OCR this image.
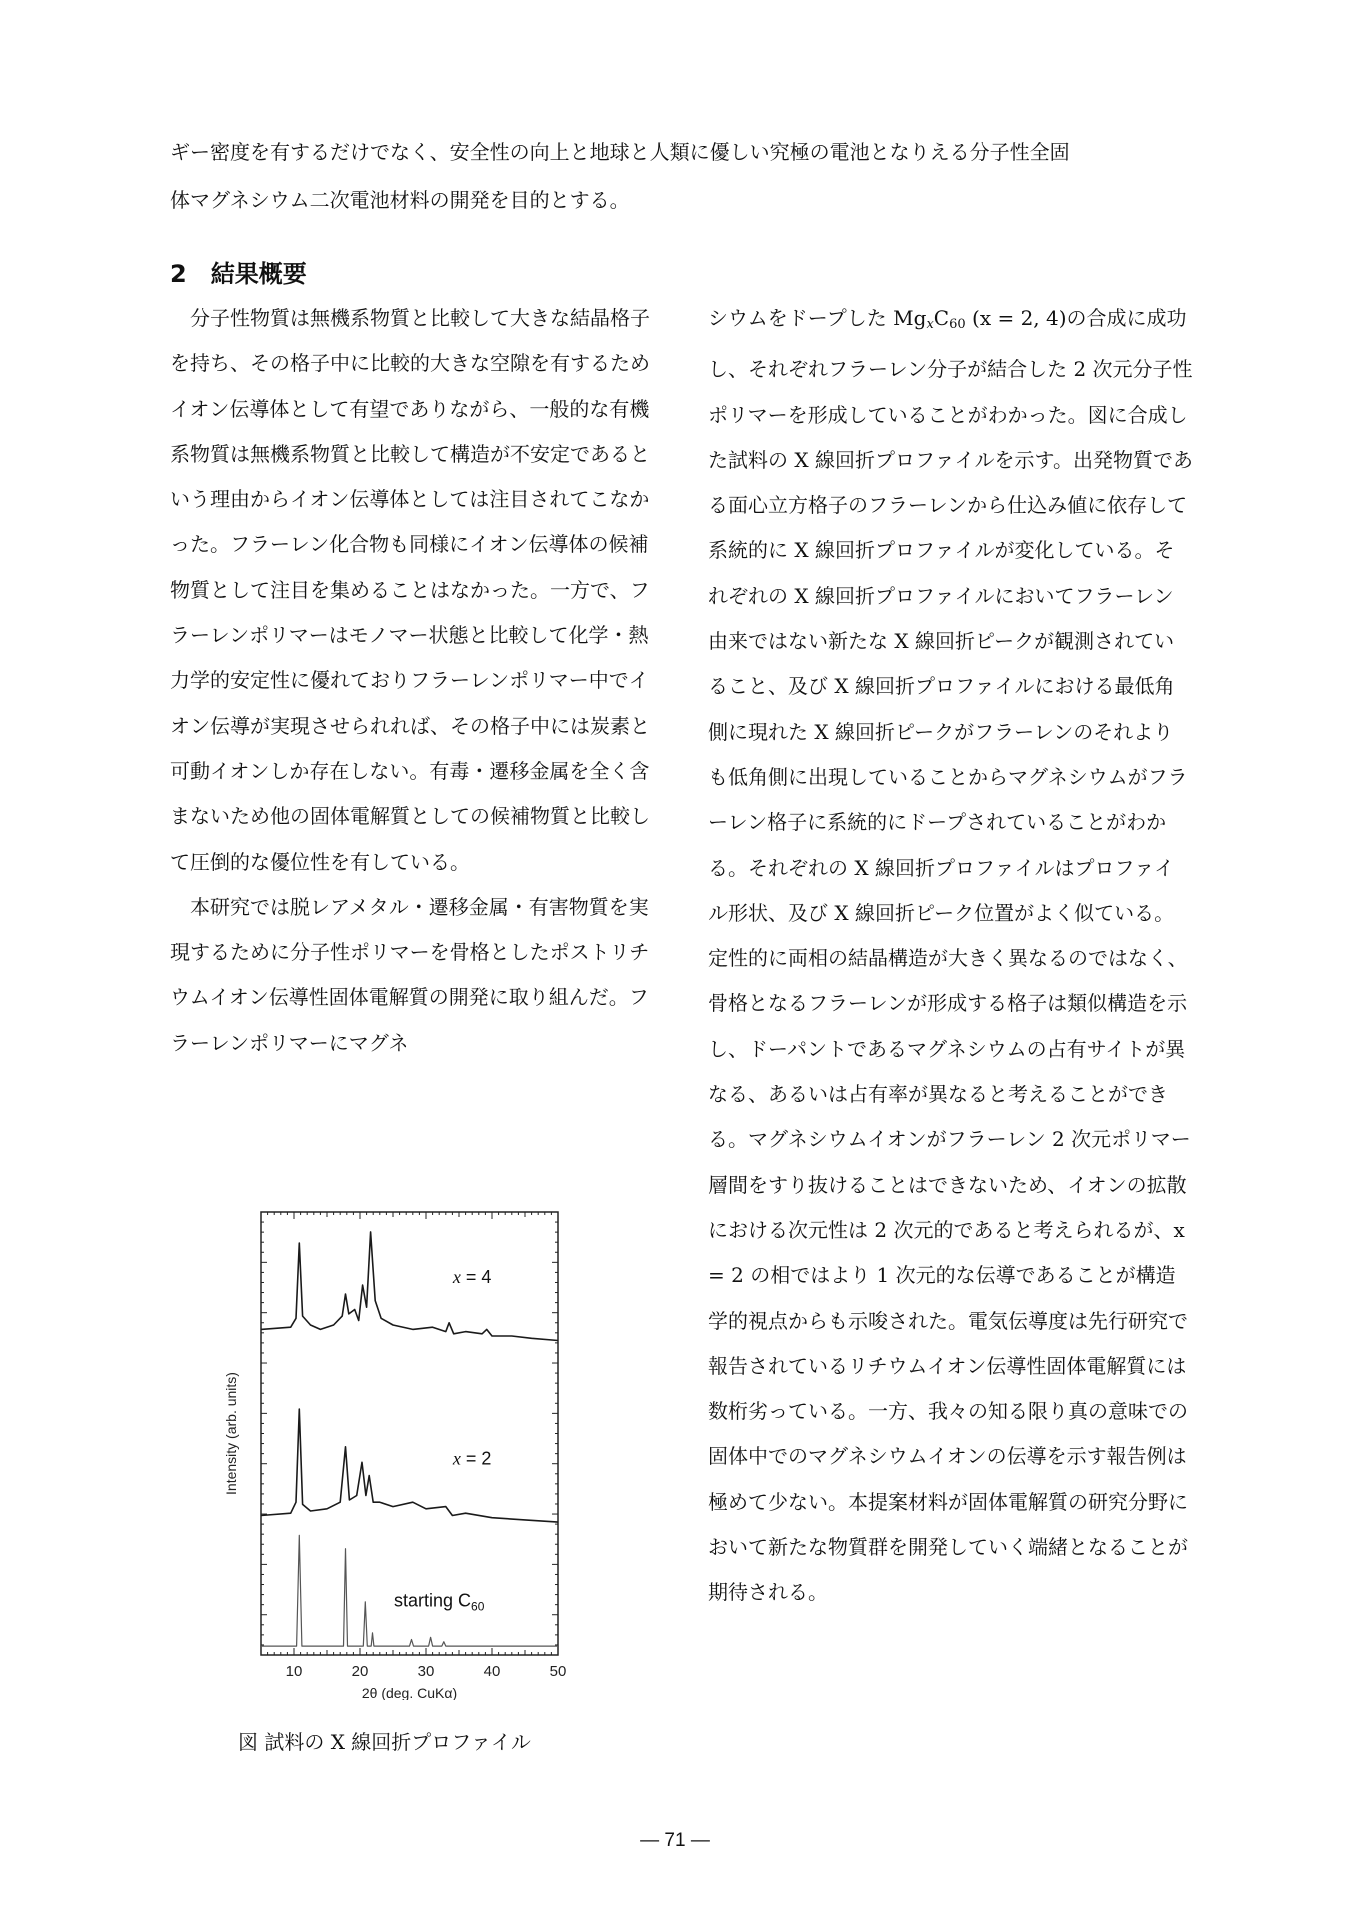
ギー密度を有するだけでなく、安全性の向上と地球と人類に優しい究極の電池となりえる分子性全固

体マグネシウム二次電池材料の開発を目的とする。

2 結果概要

分子性物質は無機系物質と比較して大きな結晶格子を持ち、その格子中に比較的大きな空隙を有するためイオン伝導体として有望でありながら、一般的な有機系物質は無機系物質と比較して構造が不安定であるという理由からイオン伝導体としては注目されてこなかった。フラーレン化合物も同様にイオン伝導体の候補物質として注目を集めることはなかった。一方で、フラーレンポリマーはモノマー状態と比較して化学・熱力学的安定性に優れておりフラーレンポリマー中でイオン伝導が実現させられれば、その格子中には炭素と可動イオンしか存在しない。有毒・遷移金属を全く含まないため他の固体電解質としての候補物質と比較して圧倒的な優位性を有している。

本研究では脱レアメタル・遷移金属・有害物質を実現するために分子性ポリマーを骨格としたポストリチウムイオン伝導性固体電解質の開発に取り組んだ。フラーレンポリマーにマグネ

シウムをドープした $Mg_xC_{60}$ (x = 2, 4)の合成に成功し、それぞれフラーレン分子が結合した 2 次元分子性ポリマーを形成していることがわかった。図に合成した試料の X 線回折プロファイルを示す。出発物質である面心立方格子のフラーレンから仕込み値に依存して系統的に X 線回折プロファイルが変化している。それぞれの X 線回折プロファイルにおいてフラーレン由来ではない新たな X 線回折ピークが観測されていること、及び X 線回折プロファイルにおける最低角側に現れた X 線回折ピークがフラーレンのそれよりも低角側に出現していることからマグネシウムがフラーレン格子に系統的にドープされていることがわかる。それぞれの X 線回折プロファイルはプロファイル形状、及び X 線回折ピーク位置がよく似ている。定性的に両相の結晶構造が大きく異なるのではなく、骨格となるフラーレンが形成する格子は類似構造を示し、ドーパントであるマグネシウムの占有サイトが異なる、あるいは占有率が異なると考えることができる。マグネシウムイオンがフラーレン 2 次元ポリマー層間をすり抜けることはできないため、イオンの拡散における次元性は 2 次元的であると考えられるが、x = 2 の相ではより 1 次元的な伝導であることが構造学的視点からも示唆された。電気伝導度は先行研究で報告されているリチウムイオン伝導性固体電解質には数桁劣っている。一方、我々の知る限り真の意味での固体中でのマグネシウムイオンの伝導を示す報告例は極めて少ない。本提案材料が固体電解質の研究分野において新たな物質群を開発していく端緒となることが期待される。

10	20	30	40	50
2θ (deg. CuKα)
Intensity (arb. units)
x = 4
x = 2
starting $C_{60}$

図 試料の X 線回折プロファイル

— 71 —
